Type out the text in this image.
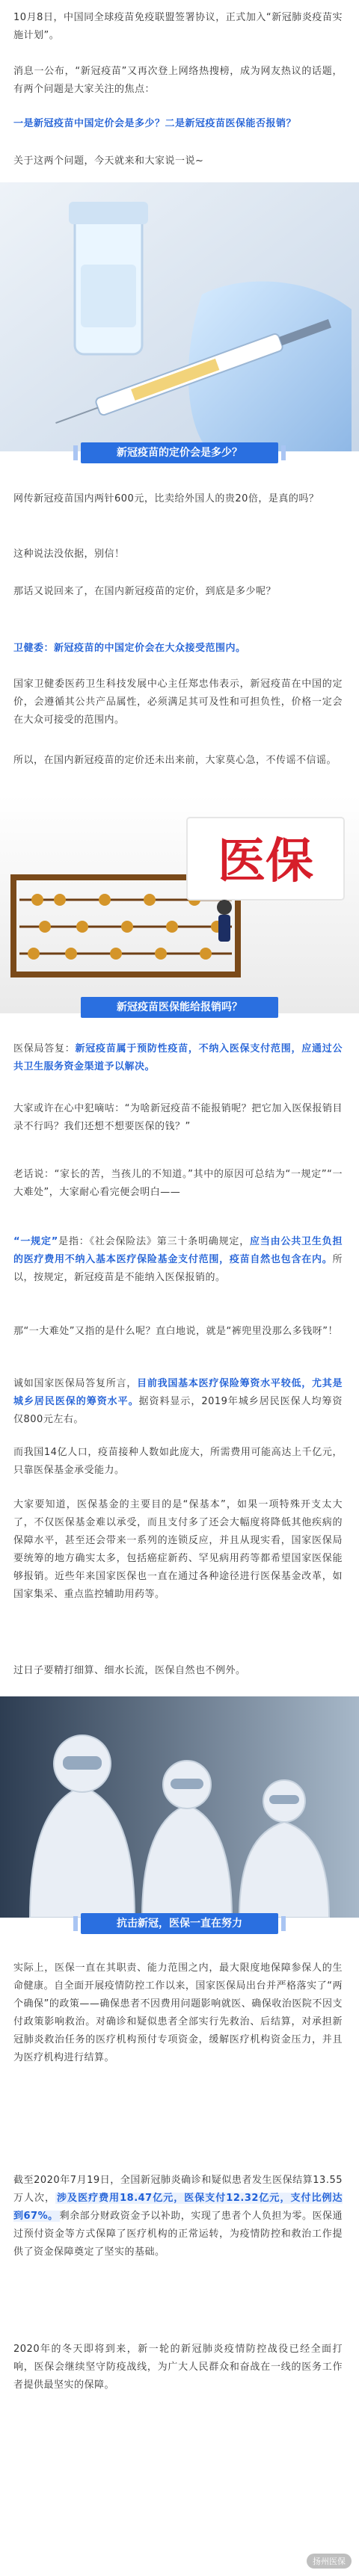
10月8日，中国同全球疫苗免疫联盟签署协议，正式加入“新冠肺炎疫苗实施计划”。

消息一公布，“新冠疫苗”又再次登上网络热搜榜，成为网友热议的话题，有两个问题是大家关注的焦点：

一是新冠疫苗中国定价会是多少？二是新冠疫苗医保能否报销？

关于这两个问题，今天就来和大家说一说~

新冠疫苗的定价会是多少？

网传新冠疫苗国内两针600元，比卖给外国人的贵20倍，是真的吗？

这种说法没依据，别信！

那话又说回来了，在国内新冠疫苗的定价，到底是多少呢？

卫健委：新冠疫苗的中国定价会在大众接受范围内。

国家卫健委医药卫生科技发展中心主任郑忠伟表示，新冠疫苗在中国的定价，会遵循其公共产品属性，必须满足其可及性和可担负性，价格一定会在大众可接受的范围内。

所以，在国内新冠疫苗的定价还未出来前，大家莫心急，不传谣不信谣。

医保
新冠疫苗医保能给报销吗？

医保局答复：新冠疫苗属于预防性疫苗，不纳入医保支付范围，应通过公共卫生服务资金渠道予以解决。

大家或许在心中犯嘀咕：“为啥新冠疫苗不能报销呢？把它加入医保报销目录不行吗？我们还想不想要医保的钱？”

老话说：“家长的苦，当孩儿的不知道。”其中的原因可总结为“一规定”“一大难处”，大家耐心看完便会明白——

“一规定”是指：《社会保险法》第三十条明确规定，应当由公共卫生负担的医疗费用不纳入基本医疗保险基金支付范围，疫苗自然也包含在内。所以，按规定，新冠疫苗是不能纳入医保报销的。

那“一大难处”又指的是什么呢？直白地说，就是“裤兜里没那么多钱呀”！

诚如国家医保局答复所言，目前我国基本医疗保险筹资水平较低，尤其是城乡居民医保的筹资水平。据资料显示，2019年城乡居民医保人均筹资仅800元左右。

而我国14亿人口，疫苗接种人数如此庞大，所需费用可能高达上千亿元，只靠医保基金承受能力。

大家要知道，医保基金的主要目的是“保基本”，如果一项特殊开支太大了，不仅医保基金难以承受，而且支付多了还会大幅度将降低其他疾病的保障水平，甚至还会带来一系列的连锁反应，并且从现实看，国家医保局要统筹的地方确实太多，包括癌症新药、罕见病用药等都希望国家医保能够报销。近些年来国家医保也一直在通过各种途径进行医保基金改革，如国家集采、重点监控辅助用药等。

过日子要精打细算、细水长流，医保自然也不例外。

抗击新冠，医保一直在努力

实际上，医保一直在其职责、能力范围之内，最大限度地保障参保人的生命健康。自全面开展疫情防控工作以来，国家医保局出台并严格落实了“两个确保”的政策——确保患者不因费用问题影响就医、确保收治医院不因支付政策影响救治。对确诊和疑似患者全部实行先救治、后结算，对承担新冠肺炎救治任务的医疗机构预付专项资金，缓解医疗机构资金压力，并且为医疗机构进行结算。

截至2020年7月19日，全国新冠肺炎确诊和疑似患者发生医保结算13.55万人次， 涉及医疗费用18.47亿元，医保支付12.32亿元，支付比例达到67%。 剩余部分财政资金予以补助，实现了患者个人负担为零。医保通过预付资金等方式保障了医疗机构的正常运转，为疫情防控和救治工作提供了资金保障奠定了坚实的基础。

2020年的冬天即将到来，新一轮的新冠肺炎疫情防控战役已经全面打响，医保会继续坚守防疫战线，为广大人民群众和奋战在一线的医务工作者提供最坚实的保障。

扬州医保
